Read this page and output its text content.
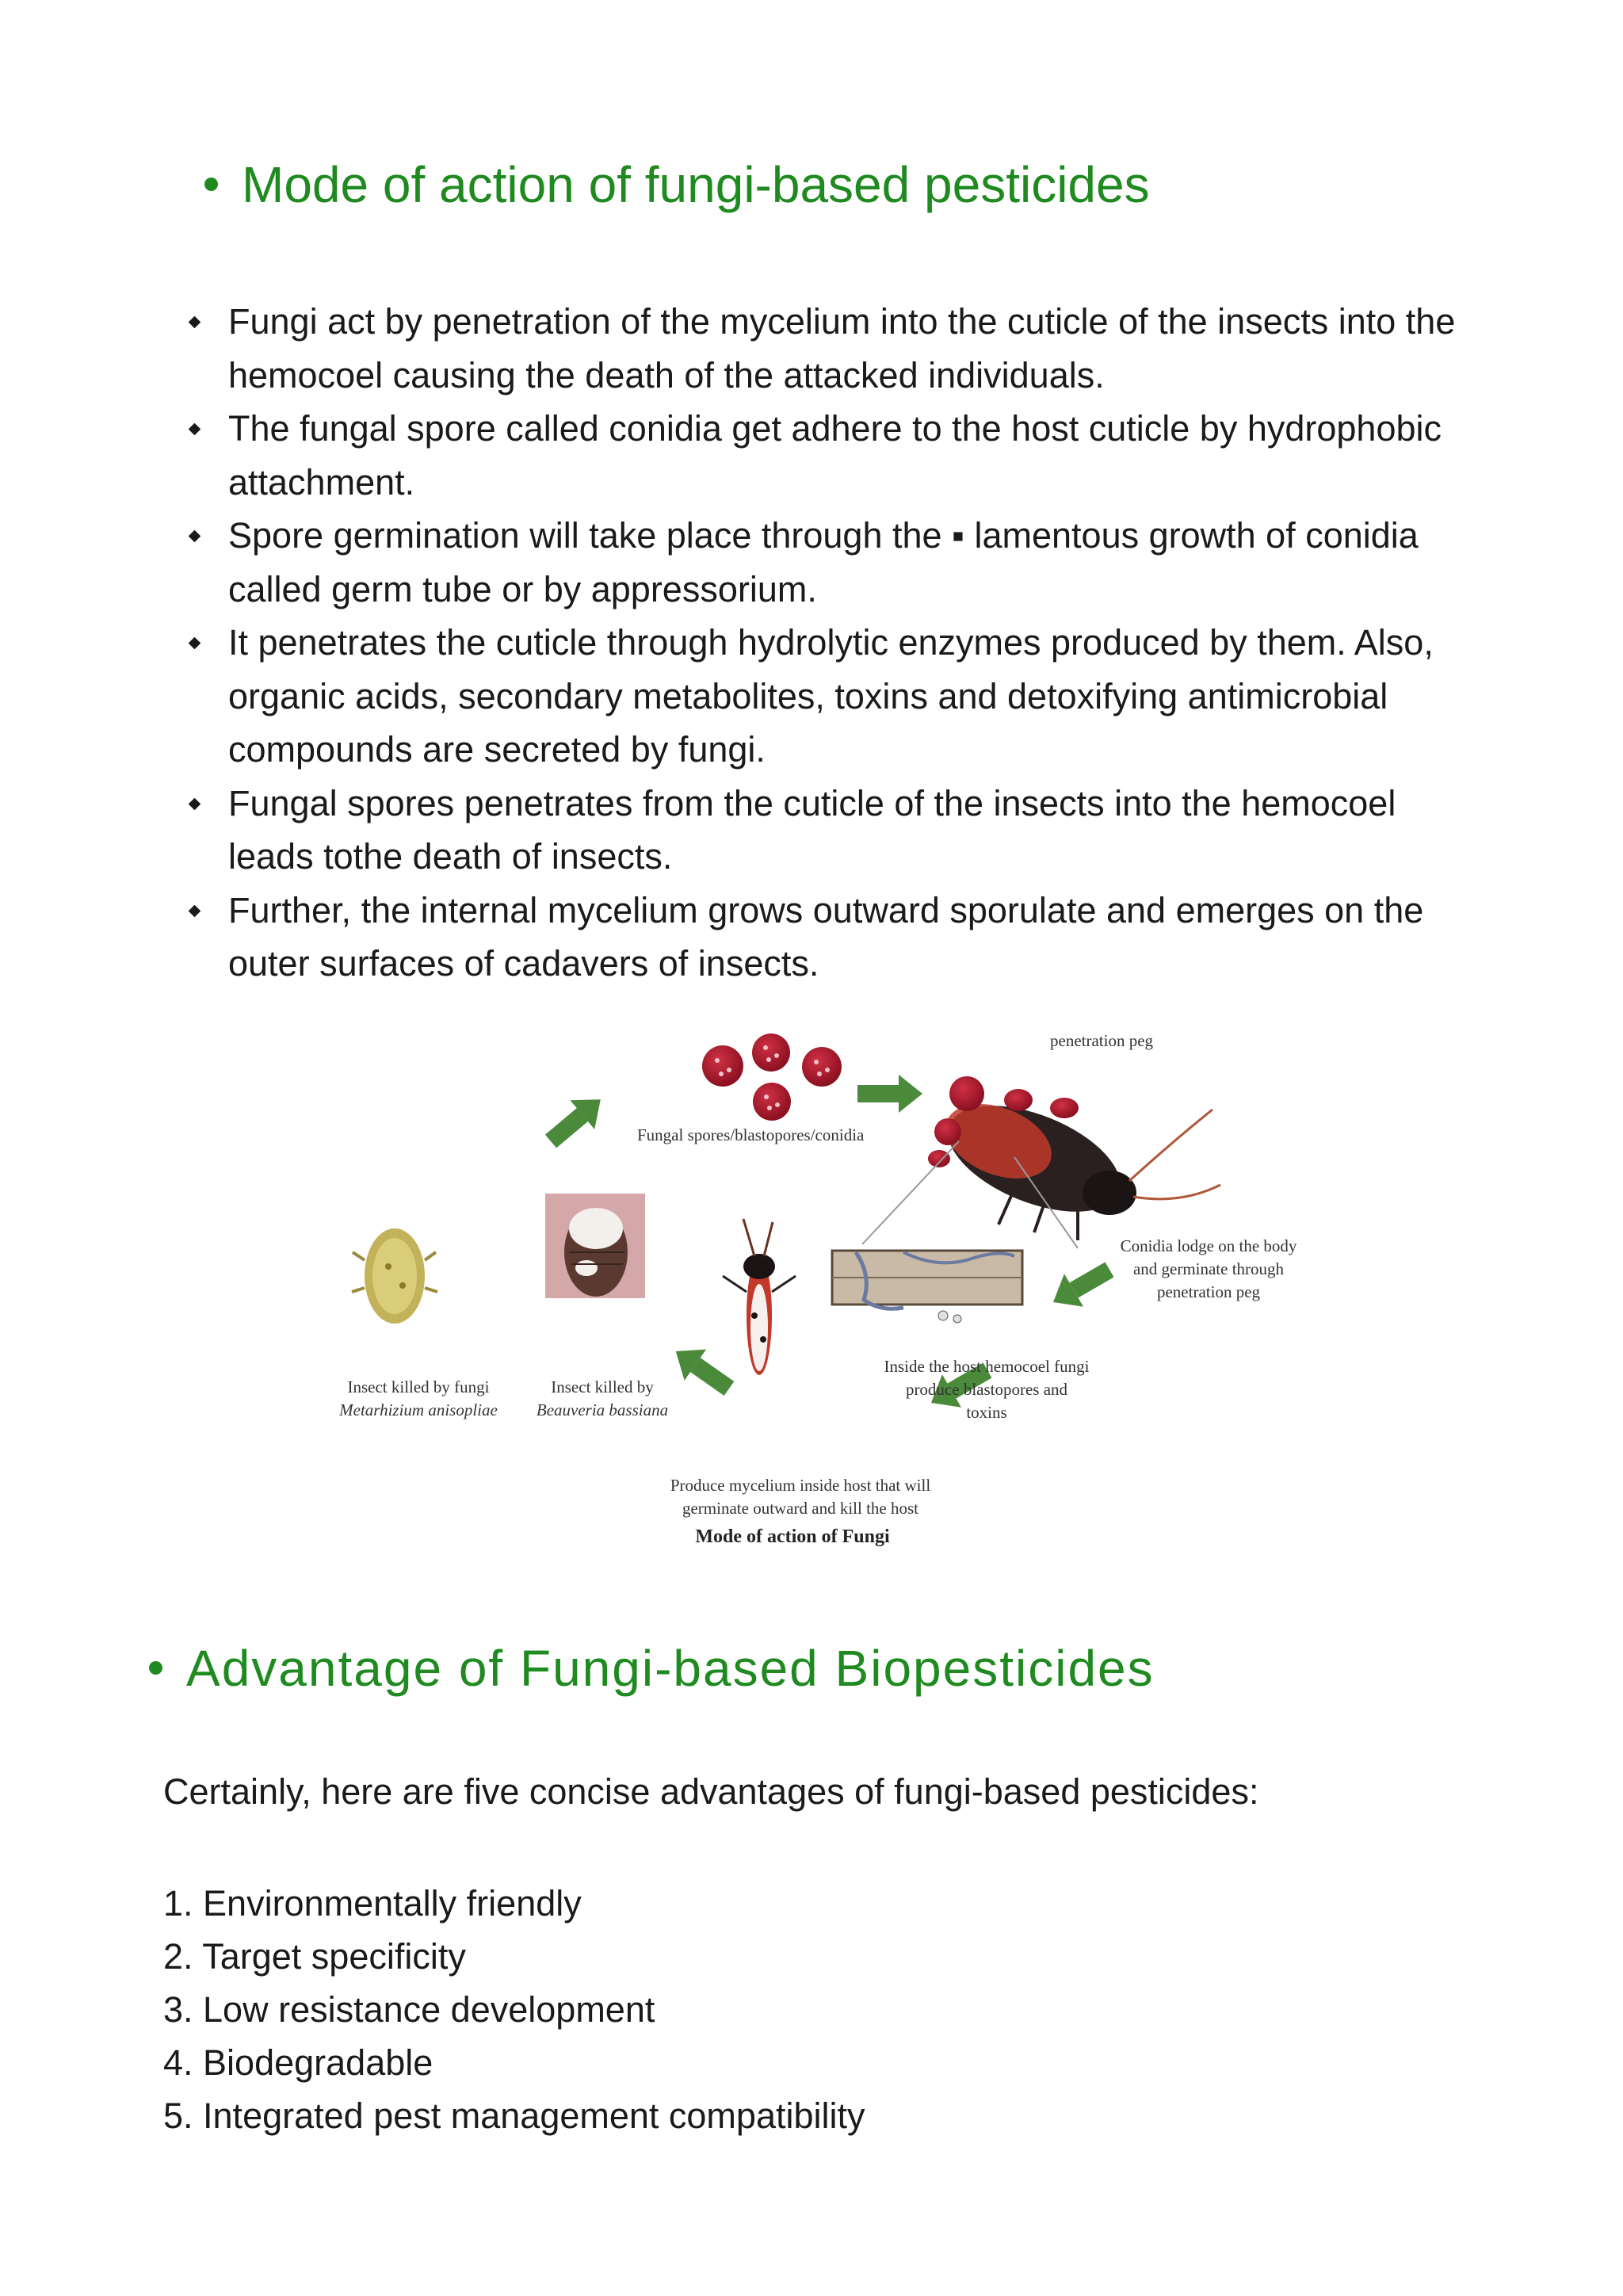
Mode of action of fungi-based pesticides
Fungi act by penetration of the mycelium into the cuticle of the insects into the hemocoel causing the death of the attacked individuals.
The fungal spore called conidia get adhere to the host cuticle by hydrophobic attachment.
Spore germination will take place through the ▪ lamentous growth of conidia called germ tube or by appressorium.
It penetrates the cuticle through hydrolytic enzymes produced by them. Also, organic acids, secondary metabolites, toxins and detoxifying antimicrobial compounds are secreted by fungi.
Fungal spores penetrates from the cuticle of the insects into the hemocoel leads tothe death of insects.
Further, the internal mycelium grows outward sporulate and emerges on the outer surfaces of cadavers of insects.
penetration peg
Fungal spores/blastopores/conidia
Conidia lodge on the body
and germinate through
penetration peg
Inside the host hemocoel fungi
produce blastopores and
toxins
Insect killed by fungi
Metarhizium anisopliae
Insect killed by
Beauveria bassiana
Produce mycelium inside host that will
germinate outward and kill the host
Mode of action of Fungi
Advantage of Fungi-based Biopesticides

Certainly, here are five concise advantages of fungi-based pesticides:

1. Environmentally friendly
2. Target specificity
3. Low resistance development
4. Biodegradable
5. Integrated pest management compatibility
